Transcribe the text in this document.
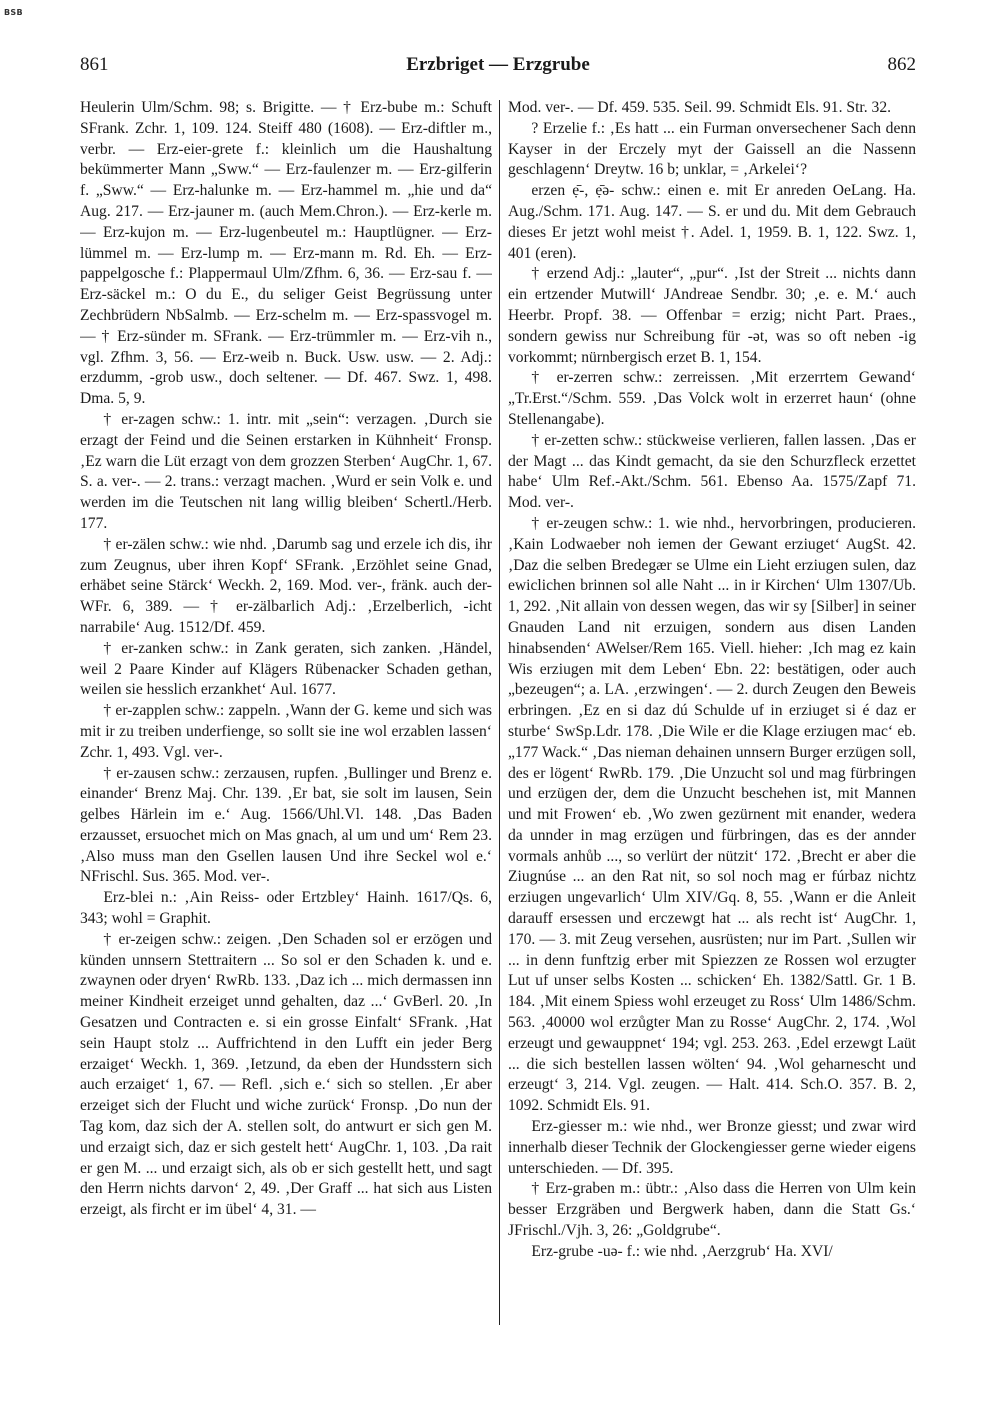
BSB
861	Erzbriget — Erzgrube	862

Heulerin Ulm/Schm. 98; s. Brigitte. — † Erz-bube m.: Schuft SFrank. Zchr. 1, 109. 124. Steiff 480 (1608). — Erz-diftler m., verbr. — Erz-eier-grete f.: kleinlich um die Haushaltung bekümmerter Mann „Sww.“ — Erz-faulenzer m. — Erz-gilferin f. „Sww.“ — Erz-halunke m. — Erz-hammel m. „hie und da“ Aug. 217. — Erz-jauner m. (auch Mem.Chron.). — Erz-kerle m. — Erz-kujon m. — Erz-lugenbeutel m.: Hauptlügner. — Erz-lümmel m. — Erz-lump m. — Erz-mann m. Rd. Eh. — Erz-pappelgosche f.: Plappermaul Ulm/Zfhm. 6, 36. — Erz-sau f. — Erz-säckel m.: O du E., du seliger Geist Begrüssung unter Zechbrüdern NbSalmb. — Erz-schelm m. — Erz-spassvogel m. — † Erz-sünder m. SFrank. — Erz-trümmler m. — Erz-vih n., vgl. Zfhm. 3, 56. — Erz-weib n. Buck. Usw. usw. — 2. Adj.: erzdumm, -grob usw., doch seltener. — Df. 467. Swz. 1, 498. Dma. 5, 9.

† er-zagen schw.: 1. intr. mit „sein“: verzagen. ‚Durch sie erzagt der Feind und die Seinen erstarken in Kühnheit‘ Fronsp. ‚Ez warn die Lüt erzagt von dem grozzen Sterben‘ AugChr. 1, 67. S. a. ver-. — 2. trans.: verzagt machen. ‚Wurd er sein Volk e. und werden im die Teutschen nit lang willig bleiben‘ Schertl./Herb. 177.

† er-zälen schw.: wie nhd. ‚Darumb sag und erzele ich dis, ihr zum Zeugnus, uber ihren Kopf‘ SFrank. ‚Erzöhlet seine Gnad, erhäbet seine Stärck‘ Weckh. 2, 169. Mod. ver-, fränk. auch der- WFr. 6, 389. — † er-zälbarlich Adj.: ‚Erzelberlich, -icht narrabile‘ Aug. 1512/Df. 459.

† er-zanken schw.: in Zank geraten, sich zanken. ‚Händel, weil 2 Paare Kinder auf Klägers Rübenacker Schaden gethan, weilen sie hesslich erzankhet‘ Aul. 1677.

† er-zapplen schw.: zappeln. ‚Wann der G. keme und sich was mit ir zu treiben underfienge, so sollt sie ine wol erzablen lassen‘ Zchr. 1, 493. Vgl. ver-.

† er-zausen schw.: zerzausen, rupfen. ‚Bullinger und Brenz e. einander‘ Brenz Maj. Chr. 139. ‚Er bat, sie solt im lausen, Sein gelbes Härlein im e.‘ Aug. 1566/Uhl.Vl. 148. ‚Das Baden erzausset, ersuochet mich on Mas gnach, al um und um‘ Rem 23. ‚Also muss man den Gsellen lausen Und ihre Seckel wol e.‘ NFrischl. Sus. 365. Mod. ver-.

Erz-blei n.: ‚Ain Reiss- oder Ertzbley‘ Hainh. 1617/Qs. 6, 343; wohl = Graphit.

† er-zeigen schw.: zeigen. ‚Den Schaden sol er erzögen und künden unnsern Stettraitern ... So sol er den Schaden k. und e. zwaynen oder dryen‘ RwRb. 133. ‚Daz ich ... mich dermassen inn meiner Kindheit erzeiget unnd gehalten, daz ...‘ GvBerl. 20. ‚In Gesatzen und Contracten e. si ein grosse Einfalt‘ SFrank. ‚Hat sein Haupt stolz ... Auffrichtend in den Lufft ein jeder Berg erzaiget‘ Weckh. 1, 369. ‚Ietzund, da eben der Hundsstern sich auch erzaiget‘ 1, 67. — Refl. ‚sich e.‘ sich so stellen. ‚Er aber erzeiget sich der Flucht und wiche zurück‘ Fronsp. ‚Do nun der Tag kom, daz sich der A. stellen solt, do antwurt er sich gen M. und erzaigt sich, daz er sich gestelt hett‘ AugChr. 1, 103. ‚Da rait er gen M. ... und erzaigt sich, als ob er sich gestellt hett, und sagt den Herrn nichts darvon‘ 2, 49. ‚Der Graff ... hat sich aus Listen erzeigt, als fircht er im übel‘ 4, 31. —

Mod. ver-. — Df. 459. 535. Seil. 99. Schmidt Els. 91. Str. 32.

? Erzelie f.: ‚Es hatt ... ein Furman onversechener Sach denn Kayser in der Erczely myt der Gaissell an die Nassenn geschlagenn‘ Dreytw. 16 b; unklar, = ‚Arkelei‘?

erzen ẹ̄-, ẹ̄ə- schw.: einen e. mit Er anreden OeLang. Ha. Aug./Schm. 171. Aug. 147. — S. er und du. Mit dem Gebrauch dieses Er jetzt wohl meist †. Adel. 1, 1959. B. 1, 122. Swz. 1, 401 (eren).

† erzend Adj.: „lauter“, „pur“. ‚Ist der Streit ... nichts dann ein ertzender Mutwill‘ JAndreae Sendbr. 30; ‚e. e. M.‘ auch Heerbr. Propf. 38. — Offenbar = erzig; nicht Part. Praes., sondern gewiss nur Schreibung für -ət, was so oft neben -ig vorkommt; nürnbergisch erzet B. 1, 154.

† er-zerren schw.: zerreissen. ‚Mit erzerrtem Gewand‘ „Tr.Erst.“/Schm. 559. ‚Das Volck wolt in erzerret haun‘ (ohne Stellenangabe).

† er-zetten schw.: stückweise verlieren, fallen lassen. ‚Das er der Magt ... das Kindt gemacht, da sie den Schurzfleck erzettet habe‘ Ulm Ref.-Akt./Schm. 561. Ebenso Aa. 1575/Zapf 71. Mod. ver-.

† er-zeugen schw.: 1. wie nhd., hervorbringen, producieren. ‚Kain Lodwaeber noh iemen der Gewant erziuget‘ AugSt. 42. ‚Daz die selben Bredegær se Ulme ein Lieht erziugen sulen, daz ewiclichen brinnen sol alle Naht ... in ir Kirchen‘ Ulm 1307/Ub. 1, 292. ‚Nit allain von dessen wegen, das wir sy [Silber] in seiner Gnauden Land nit erzuigen, sondern aus disen Landen hinabsenden‘ AWelser/Rem 165. Viell. hieher: ‚Ich mag ez kain Wis erziugen mit dem Leben‘ Ebn. 22: bestätigen, oder auch „bezeugen“; a. LA. ‚erzwingen‘. — 2. durch Zeugen den Beweis erbringen. ‚Ez en si daz dú Schulde uf in erziuget si é daz er sturbe‘ SwSp.Ldr. 178. ‚Die Wile er die Klage erziugen mac‘ eb. „177 Wack.“ ‚Das nieman dehainen unnsern Burger erzügen soll, des er lögent‘ RwRb. 179. ‚Die Unzucht sol und mag fürbringen und erzügen der, dem die Unzucht beschehen ist, mit Mannen und mit Frowen‘ eb. ‚Wo zwen gezürnent mit enander, wedera da unnder in mag erzügen und fürbringen, das es der annder vormals anhůb ..., so verlürt der nützit‘ 172. ‚Brecht er aber die Ziugnúse ... an den Rat nit, so sol noch mag er fúrbaz nichtz erziugen ungevarlich‘ Ulm XIV/Gq. 8, 55. ‚Wann er die Anleit darauff ersessen und erczewgt hat ... als recht ist‘ AugChr. 1, 170. — 3. mit Zeug versehen, ausrüsten; nur im Part. ‚Sullen wir ... in denn funftzig erber mit Spiezzen ze Rossen wol erzugter Lut uf unser selbs Kosten ... schicken‘ Eh. 1382/Sattl. Gr. 1 B. 184. ‚Mit einem Spiess wohl erzeuget zu Ross‘ Ulm 1486/Schm. 563. ‚40000 wol erzůgter Man zu Rosse‘ AugChr. 2, 174. ‚Wol erzeugt und gewauppnet‘ 194; vgl. 253. 263. ‚Edel erzewgt Laüt ... die sich bestellen lassen wölten‘ 94. ‚Wol geharnescht und erzeugt‘ 3, 214. Vgl. zeugen. — Halt. 414. Sch.O. 357. B. 2, 1092. Schmidt Els. 91.

Erz-giesser m.: wie nhd., wer Bronze giesst; und zwar wird innerhalb dieser Technik der Glockengiesser gerne wieder eigens unterschieden. — Df. 395.

† Erz-graben m.: übtr.: ‚Also dass die Herren von Ulm kein besser Erzgräben und Bergwerk haben, dann die Statt Gs.‘ JFrischl./Vjh. 3, 26: „Goldgrube“.

Erz-grube -uə- f.: wie nhd. ‚Aerzgrub‘ Ha. XVI/
